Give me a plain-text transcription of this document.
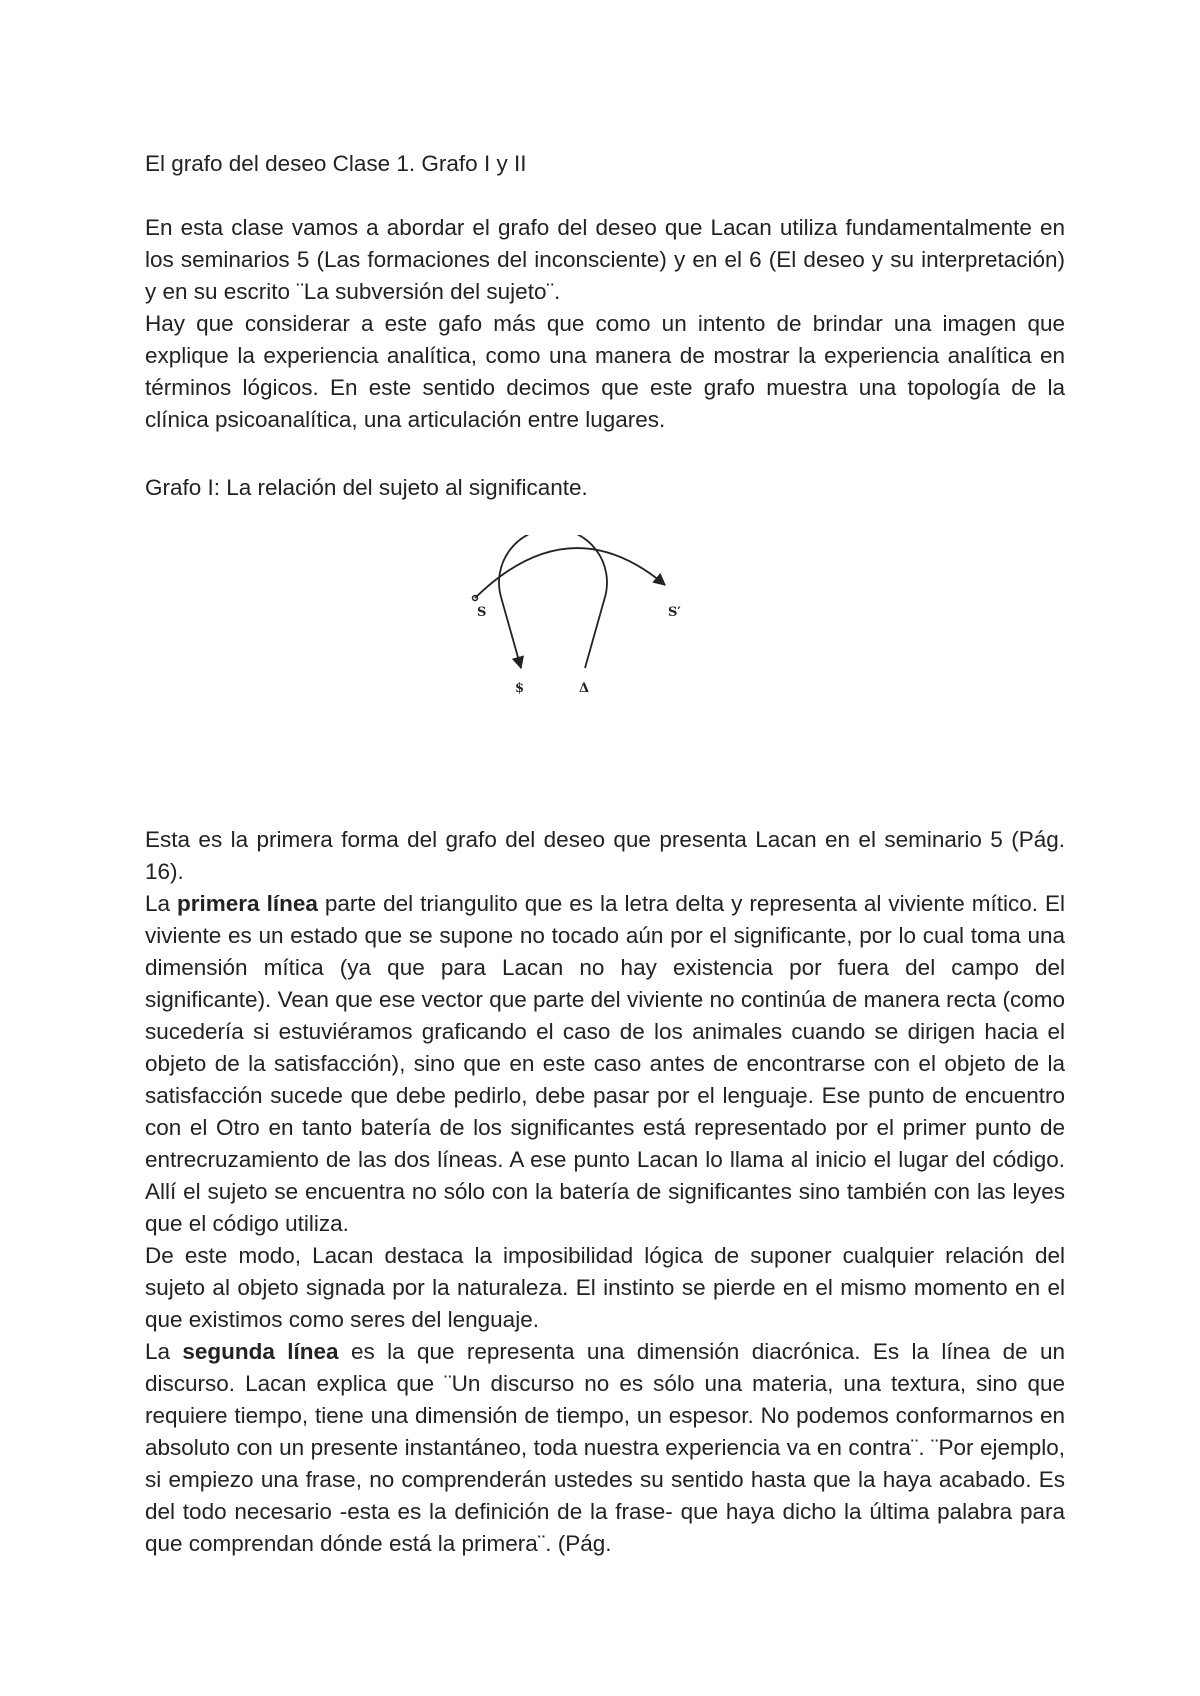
El grafo del deseo Clase 1. Grafo I y II

En esta clase vamos a abordar el grafo del deseo que Lacan utiliza fundamentalmente en los seminarios 5 (Las formaciones del inconsciente) y en el 6 (El deseo y su interpretación) y en su escrito ¨La subversión del sujeto¨.

Hay que considerar a este gafo más que como un intento de brindar una imagen que explique la experiencia analítica, como una manera de mostrar la experiencia analítica en términos lógicos. En este sentido decimos que este grafo muestra una topología de la clínica psicoanalítica, una articulación entre lugares.

Grafo I: La relación del sujeto al significante.
S	S′
$	Δ

Esta es la primera forma del grafo del deseo que presenta Lacan en el seminario 5 (Pág. 16).

La primera línea parte del triangulito que es la letra delta y representa al viviente mítico. El viviente es un estado que se supone no tocado aún por el significante, por lo cual toma una dimensión mítica (ya que para Lacan no hay existencia por fuera del campo del significante). Vean que ese vector que parte del viviente no continúa de manera recta (como sucedería si estuviéramos graficando el caso de los animales cuando se dirigen hacia el objeto de la satisfacción), sino que en este caso antes de encontrarse con el objeto de la satisfacción sucede que debe pedirlo, debe pasar por el lenguaje. Ese punto de encuentro con el Otro en tanto batería de los significantes está representado por el primer punto de entrecruzamiento de las dos líneas. A ese punto Lacan lo llama al inicio el lugar del código. Allí el sujeto se encuentra no sólo con la batería de significantes sino también con las leyes que el código utiliza.

De este modo, Lacan destaca la imposibilidad lógica de suponer cualquier relación del sujeto al objeto signada por la naturaleza. El instinto se pierde en el mismo momento en el que existimos como seres del lenguaje.

La segunda línea es la que representa una dimensión diacrónica. Es la línea de un discurso. Lacan explica que ¨Un discurso no es sólo una materia, una textura, sino que requiere tiempo, tiene una dimensión de tiempo, un espesor. No podemos conformarnos en absoluto con un presente instantáneo, toda nuestra experiencia va en contra¨. ¨Por ejemplo, si empiezo una frase, no comprenderán ustedes su sentido hasta que la haya acabado. Es del todo necesario -esta es la definición de la frase- que haya dicho la última palabra para que comprendan dónde está la primera¨. (Pág.
